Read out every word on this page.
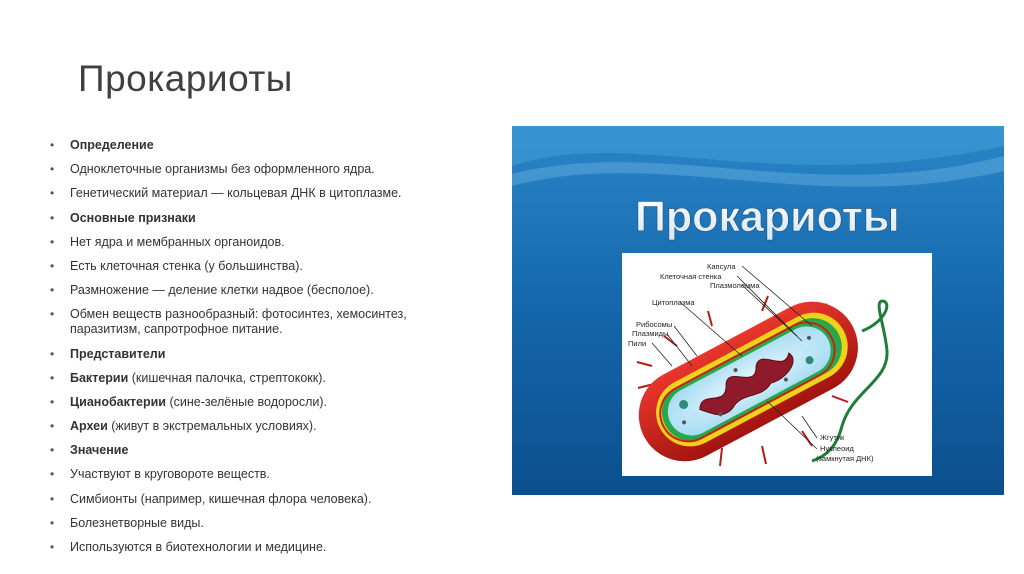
Прокариоты
• Определение
• Одноклеточные организмы без оформленного ядра.
• Генетический материал — кольцевая ДНК в цитоплазме.
• Основные признаки
• Нет ядра и мембранных органоидов.
• Есть клеточная стенка (у большинства).
• Размножение — деление клетки надвое (бесполое).
• Обмен веществ разнообразный: фотосинтез, хемосинтез,
паразитизм, сапротрофное питание.
• Представители
• Бактерии (кишечная палочка, стрептококк).
• Цианобактерии (сине-зелёные водоросли).
• Археи (живут в экстремальных условиях).
• Значение
• Участвуют в круговороте веществ.
• Симбионты (например, кишечная флора человека).
• Болезнетворные виды.
• Используются в биотехнологии и медицине.
Прокариоты
Капсула
Клеточная стенка
Плазмолемма
Цитоплазма
Рибосомы
Плазмиды
Пили
Жгутик
Нуклеоид
(замкнутая ДНК)
